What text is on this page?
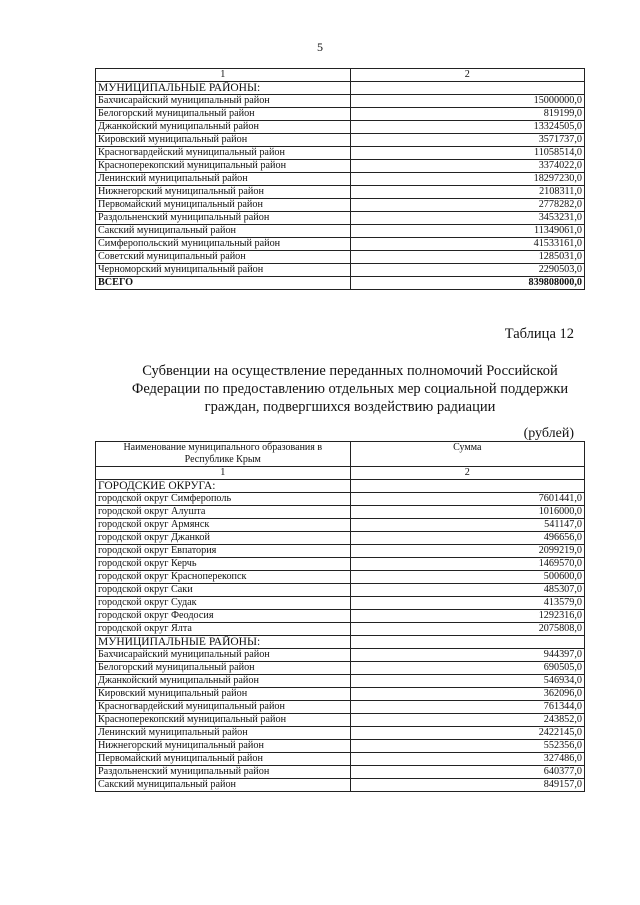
5
1	2
МУНИЦИПАЛЬНЫЕ РАЙОНЫ:	
Бахчисарайский муниципальный район	15000000,0
Белогорский муниципальный район	819199,0
Джанкойский муниципальный район	13324505,0
Кировский муниципальный район	3571737,0
Красногвардейский муниципальный район	11058514,0
Красноперекопский муниципальный район	3374022,0
Ленинский муниципальный район	18297230,0
Нижнегорский муниципальный район	2108311,0
Первомайский муниципальный район	2778282,0
Раздольненский муниципальный район	3453231,0
Сакский муниципальный район	11349061,0
Симферопольский муниципальный район	41533161,0
Советский муниципальный район	1285031,0
Черноморский муниципальный район	2290503,0
ВСЕГО	839808000,0
Таблица 12
Субвенции на осуществление переданных полномочий Российской
Федерации по предоставлению отдельных мер социальной поддержки
граждан, подвергшихся воздействию радиации
(рублей)
Наименование муниципального образования в Республике Крым	Сумма
1	2
ГОРОДСКИЕ ОКРУГА:	
городской округ Симферополь	7601441,0
городской округ Алушта	1016000,0
городской округ Армянск	541147,0
городской округ Джанкой	496656,0
городской округ Евпатория	2099219,0
городской округ Керчь	1469570,0
городской округ Красноперекопск	500600,0
городской округ Саки	485307,0
городской округ Судак	413579,0
городской округ Феодосия	1292316,0
городской округ Ялта	2075808,0
МУНИЦИПАЛЬНЫЕ РАЙОНЫ:	
Бахчисарайский муниципальный район	944397,0
Белогорский муниципальный район	690505,0
Джанкойский муниципальный район	546934,0
Кировский муниципальный район	362096,0
Красногвардейский муниципальный район	761344,0
Красноперекопский муниципальный район	243852,0
Ленинский муниципальный район	2422145,0
Нижнегорский муниципальный район	552356,0
Первомайский муниципальный район	327486,0
Раздольненский муниципальный район	640377,0
Сакский муниципальный район	849157,0
